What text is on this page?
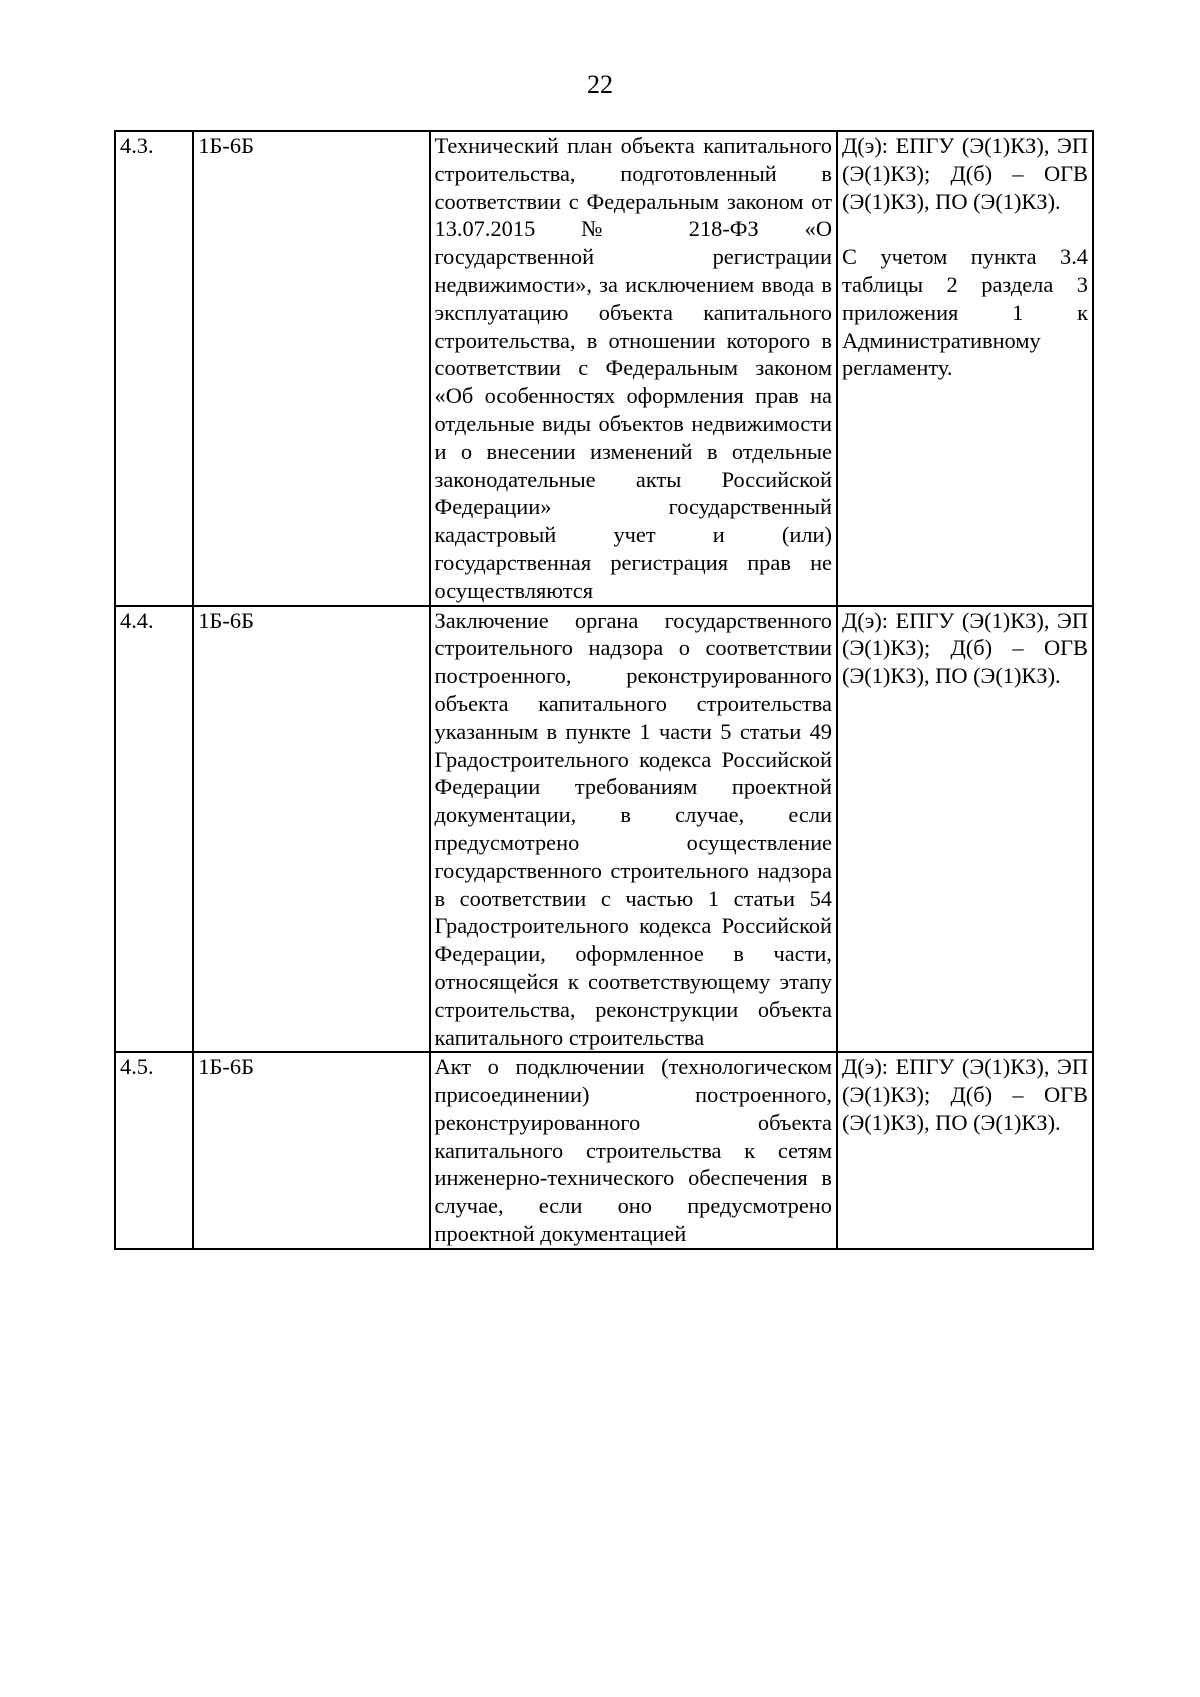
22
4.3.	1Б-6Б	Технический план объекта капитального строительства, подготовленный в соответствии с Федеральным законом от 13.07.2015 № 218-ФЗ «О государственной регистрации недвижимости», за исключением ввода в эксплуатацию объекта капитального строительства, в отношении которого в соответствии с Федеральным законом «Об особенностях оформления прав на отдельные виды объектов недвижимости и о внесении изменений в отдельные законодательные акты Российской Федерации» государственный кадастровый учет и (или) государственная регистрация прав не осуществляются	Д(э): ЕПГУ (Э(1)КЗ), ЭП (Э(1)КЗ); Д(б) – ОГВ (Э(1)КЗ), ПО (Э(1)КЗ).
С учетом пункта 3.4 таблицы 2 раздела 3 приложения 1 к Административному регламенту.

4.4.	1Б-6Б	Заключение органа государственного строительного надзора о соответствии построенного, реконструированного объекта капитального строительства указанным в пункте 1 части 5 статьи 49 Градостроительного кодекса Российской Федерации требованиям проектной документации, в случае, если предусмотрено осуществление государственного строительного надзора в соответствии с частью 1 статьи 54 Градостроительного кодекса Российской Федерации, оформленное в части, относящейся к соответствующему этапу строительства, реконструкции объекта капитального строительства	Д(э): ЕПГУ (Э(1)КЗ), ЭП (Э(1)КЗ); Д(б) – ОГВ (Э(1)КЗ), ПО (Э(1)КЗ).

4.5.	1Б-6Б	Акт о подключении (технологическом присоединении) построенного, реконструированного объекта капитального строительства к сетям инженерно-технического обеспечения в случае, если оно предусмотрено проектной документацией	Д(э): ЕПГУ (Э(1)КЗ), ЭП (Э(1)КЗ); Д(б) – ОГВ (Э(1)КЗ), ПО (Э(1)КЗ).
